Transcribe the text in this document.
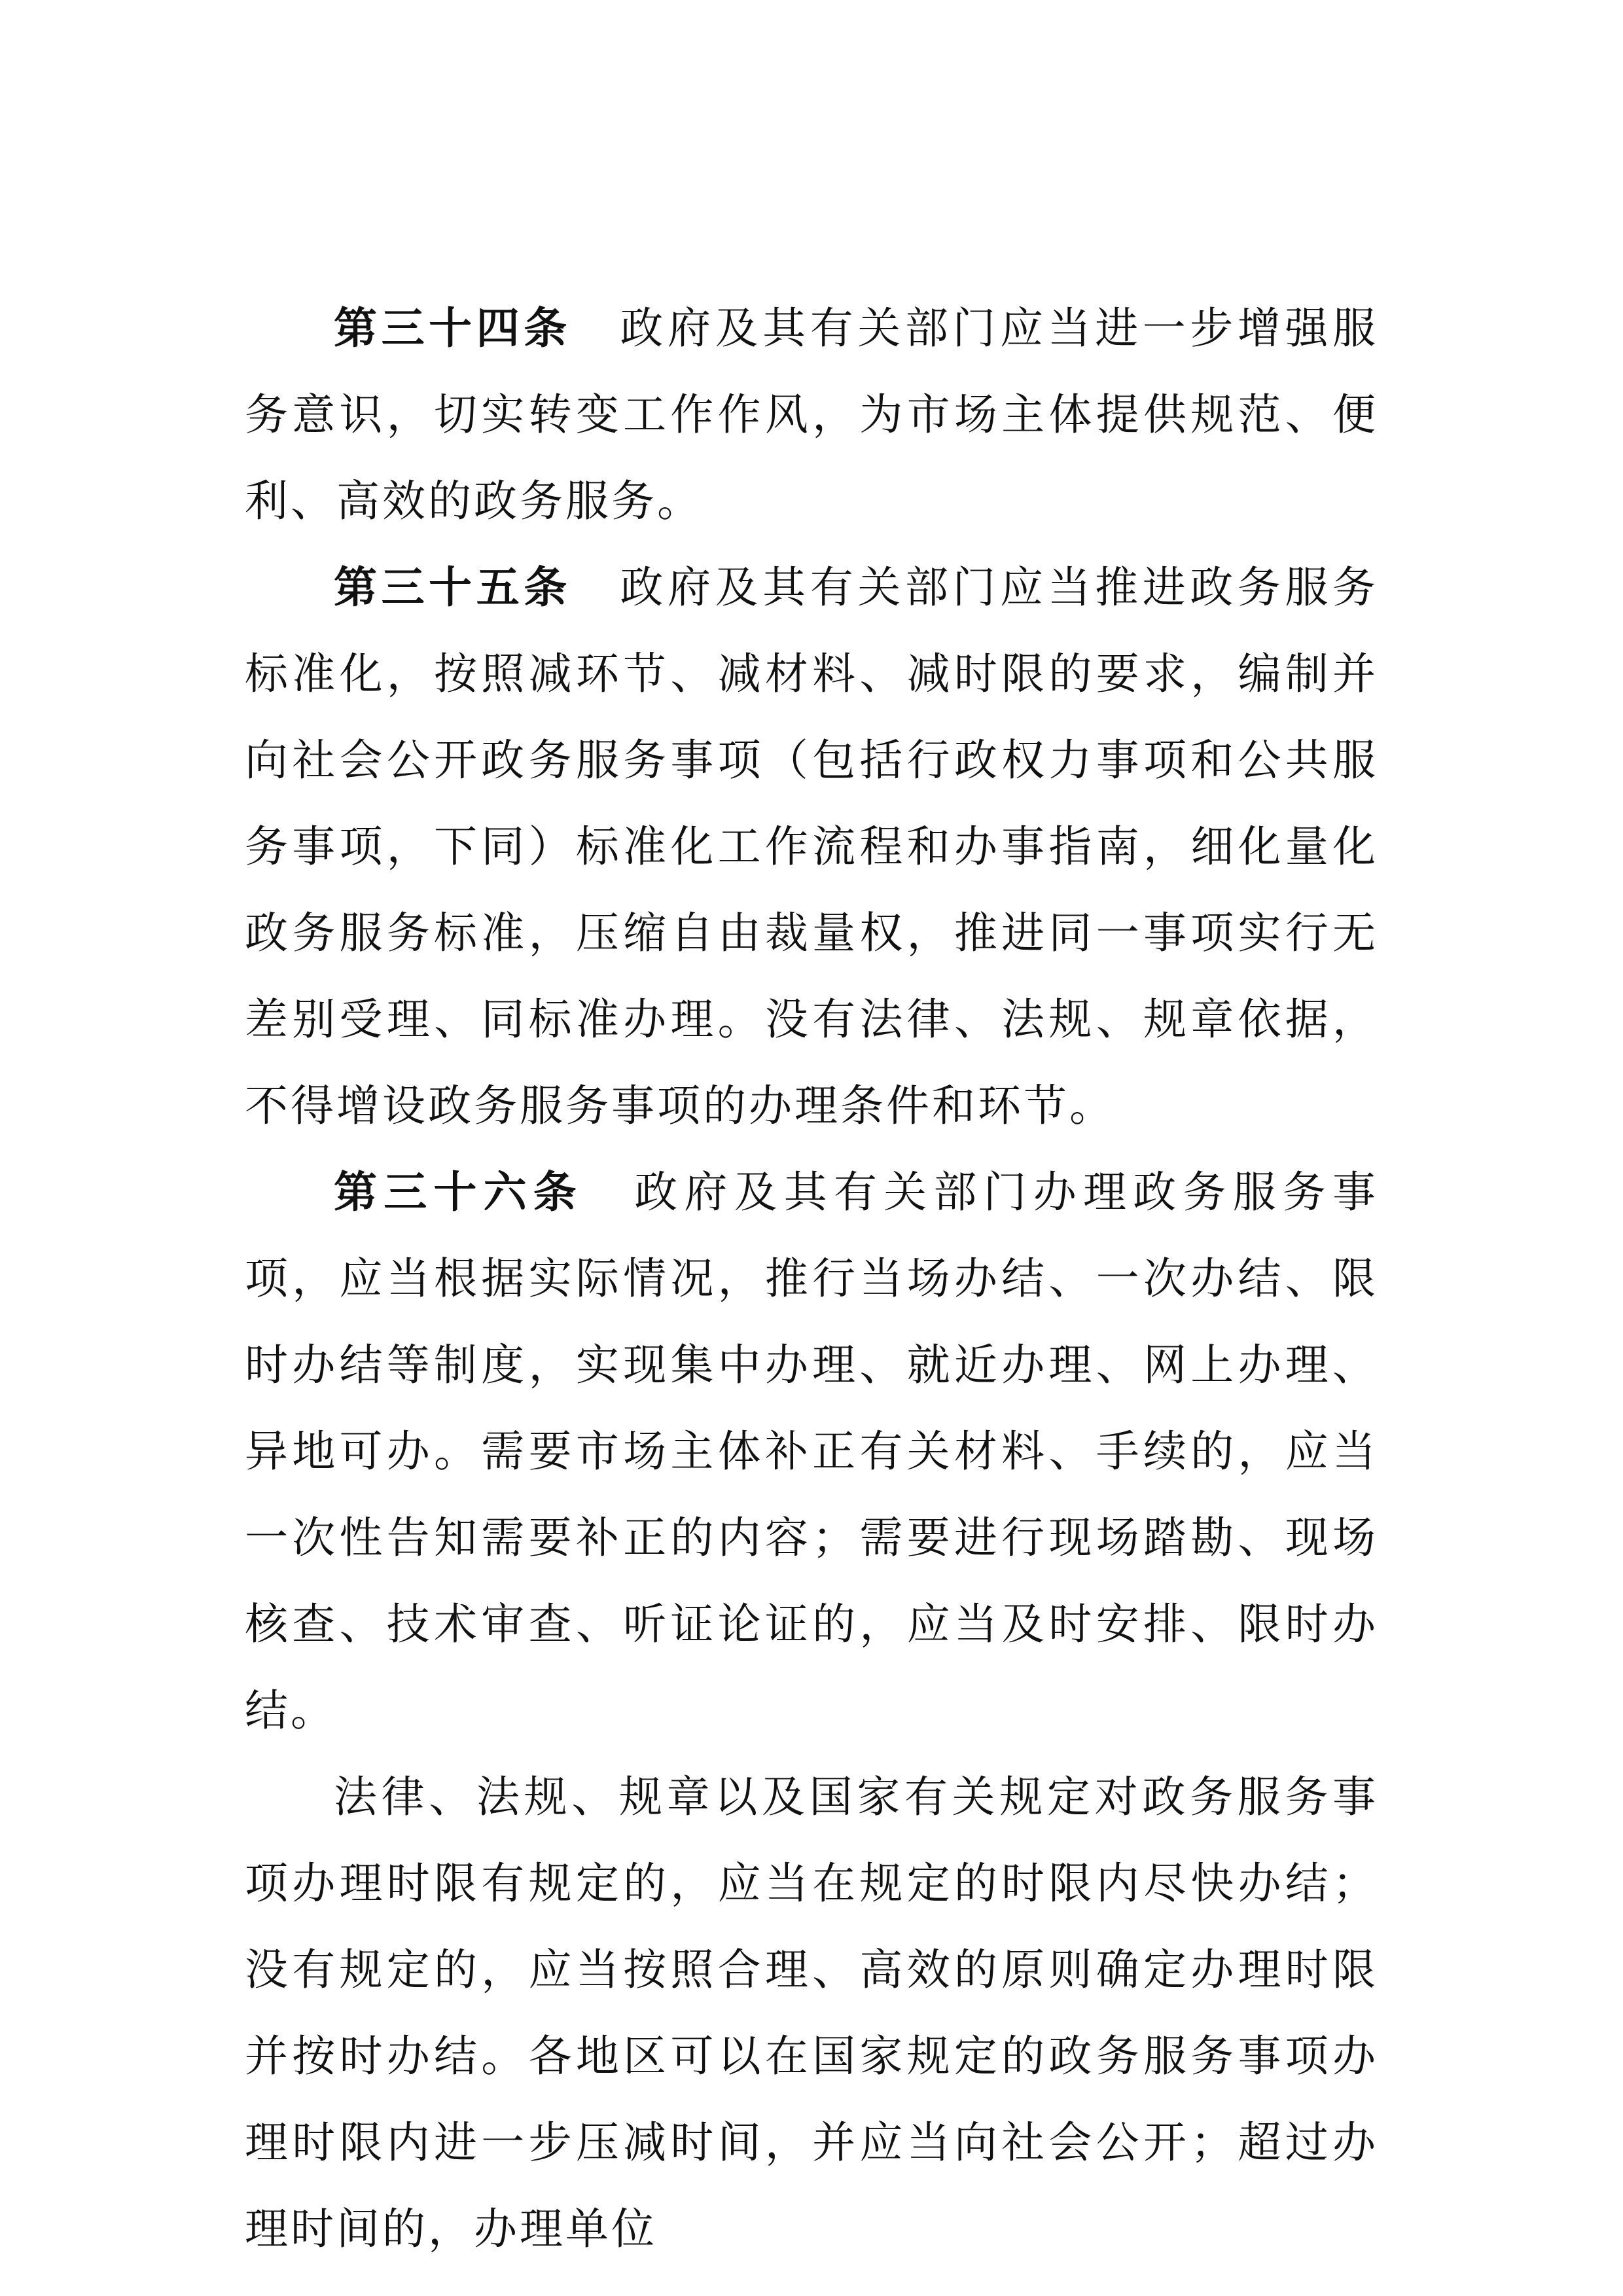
第三十四条 政府及其有关部门应当进一步增强服务意识，切实转变工作作风，为市场主体提供规范、便利、高效的政务服务。

第三十五条 政府及其有关部门应当推进政务服务标准化，按照减环节、减材料、减时限的要求，编制并向社会公开政务服务事项（包括行政权力事项和公共服务事项，下同）标准化工作流程和办事指南，细化量化政务服务标准，压缩自由裁量权，推进同一事项实行无差别受理、同标准办理。没有法律、法规、规章依据，不得增设政务服务事项的办理条件和环节。

第三十六条 政府及其有关部门办理政务服务事项，应当根据实际情况，推行当场办结、一次办结、限时办结等制度，实现集中办理、就近办理、网上办理、异地可办。需要市场主体补正有关材料、手续的，应当一次性告知需要补正的内容；需要进行现场踏勘、现场核查、技术审查、听证论证的，应当及时安排、限时办结。

法律、法规、规章以及国家有关规定对政务服务事项办理时限有规定的，应当在规定的时限内尽快办结；没有规定的，应当按照合理、高效的原则确定办理时限并按时办结。各地区可以在国家规定的政务服务事项办理时限内进一步压减时间，并应当向社会公开；超过办理时间的，办理单位
